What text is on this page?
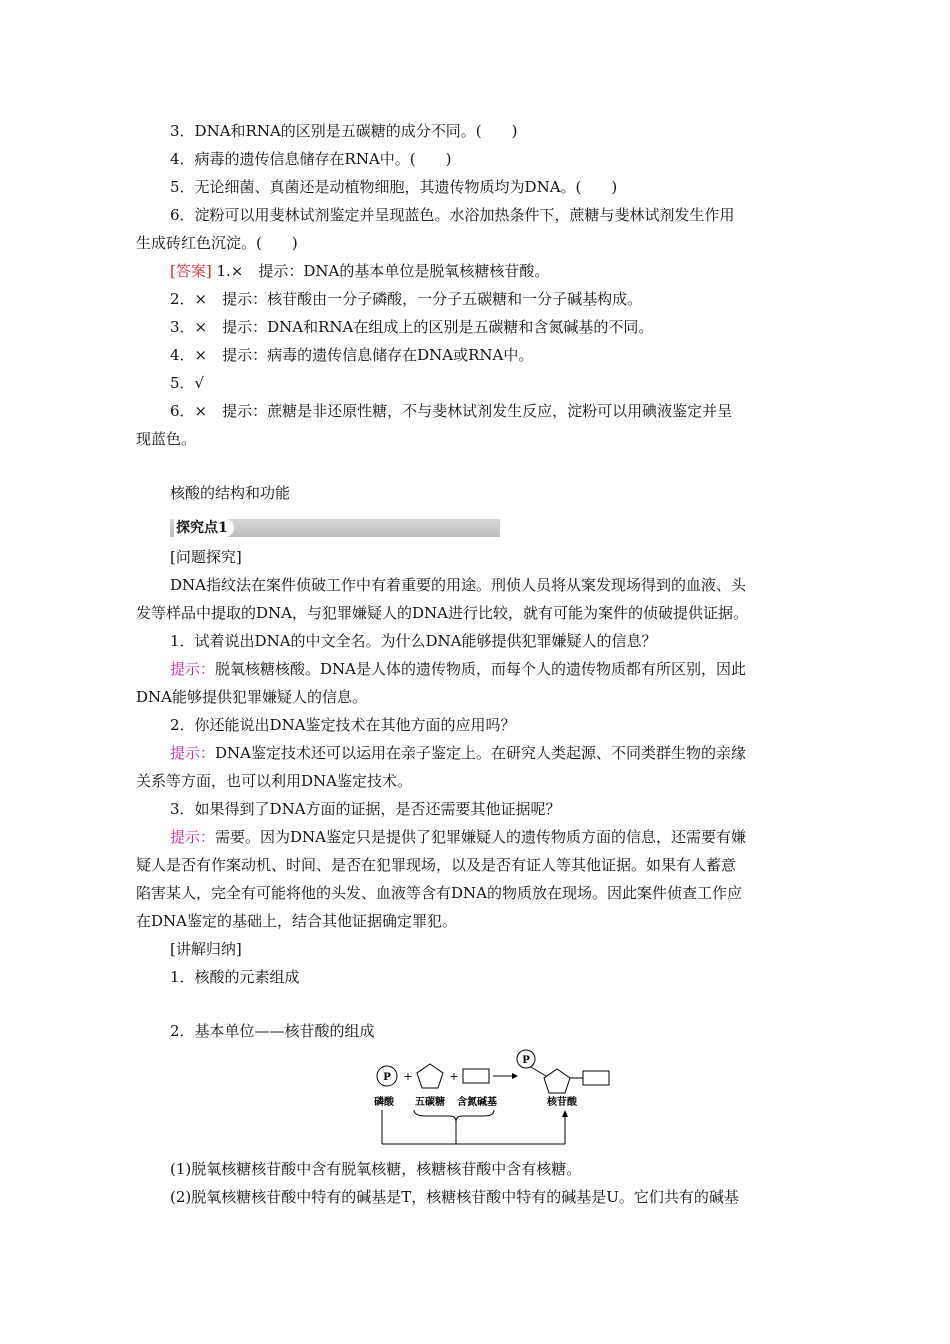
3．DNA和RNA的区别是五碳糖的成分不同。(　　)
4．病毒的遗传信息储存在RNA中。(　　)
5．无论细菌、真菌还是动植物细胞，其遗传物质均为DNA。(　　)
6．淀粉可以用斐林试剂鉴定并呈现蓝色。水浴加热条件下，蔗糖与斐林试剂发生作用
生成砖红色沉淀。(　　)
[答案] 1.×　提示：DNA的基本单位是脱氧核糖核苷酸。
2．×　提示：核苷酸由一分子磷酸，一分子五碳糖和一分子碱基构成。
3．×　提示：DNA和RNA在组成上的区别是五碳糖和含氮碱基的不同。
4．×　提示：病毒的遗传信息储存在DNA或RNA中。
5．√
6．×　提示：蔗糖是非还原性糖，不与斐林试剂发生反应，淀粉可以用碘液鉴定并呈
现蓝色。
核酸的结构和功能
探究点1
[问题探究]
DNA指纹法在案件侦破工作中有着重要的用途。刑侦人员将从案发现场得到的血液、头
发等样品中提取的DNA，与犯罪嫌疑人的DNA进行比较，就有可能为案件的侦破提供证据。
1．试着说出DNA的中文全名。为什么DNA能够提供犯罪嫌疑人的信息？
提示：脱氧核糖核酸。DNA是人体的遗传物质，而每个人的遗传物质都有所区别，因此
DNA能够提供犯罪嫌疑人的信息。
2．你还能说出DNA鉴定技术在其他方面的应用吗？
提示：DNA鉴定技术还可以运用在亲子鉴定上。在研究人类起源、不同类群生物的亲缘
关系等方面，也可以利用DNA鉴定技术。
3．如果得到了DNA方面的证据，是否还需要其他证据呢？
提示：需要。因为DNA鉴定只是提供了犯罪嫌疑人的遗传物质方面的信息，还需要有嫌
疑人是否有作案动机、时间、是否在犯罪现场，以及是否有证人等其他证据。如果有人蓄意
陷害某人，完全有可能将他的头发、血液等含有DNA的物质放在现场。因此案件侦查工作应
在DNA鉴定的基础上，结合其他证据确定罪犯。
[讲解归纳]
1．核酸的元素组成
2．基本单位——核苷酸的组成
P +	+
P
磷酸 五碳糖 含氮碱基	核苷酸
(1)脱氧核糖核苷酸中含有脱氧核糖，核糖核苷酸中含有核糖。
(2)脱氧核糖核苷酸中特有的碱基是T，核糖核苷酸中特有的碱基是U。它们共有的碱基
